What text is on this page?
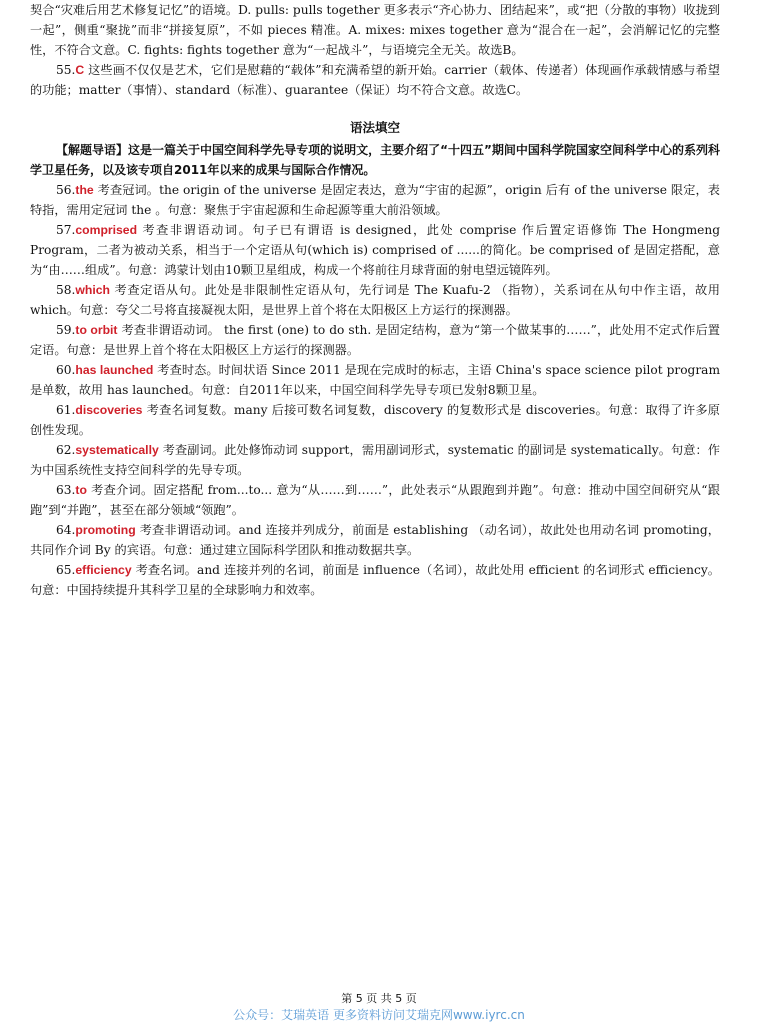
契合“灾难后用艺术修复记忆”的语境。D. pulls: pulls together 更多表示“齐心协力、团结起来”，或“把（分散的事物）收拢到一起”，侧重“聚拢”而非“拼接复原”，不如 pieces 精准。A. mixes: mixes together 意为“混合在一起”，会消解记忆的完整性，不符合文意。C. fights: fights together 意为“一起战斗”，与语境完全无关。故选B。

55.C 这些画不仅仅是艺术，它们是慰藉的“载体”和充满希望的新开始。carrier（载体、传递者）体现画作承载情感与希望的功能；matter（事情）、standard（标准）、guarantee（保证）均不符合文意。故选C。

语法填空

【解题导语】这是一篇关于中国空间科学先导专项的说明文，主要介绍了“十四五”期间中国科学院国家空间科学中心的系列科学卫星任务，以及该专项自2011年以来的成果与国际合作情况。

56.the 考查冠词。the origin of the universe 是固定表达，意为“宇宙的起源”，origin 后有 of the universe 限定，表特指，需用定冠词 the 。句意：聚焦于宇宙起源和生命起源等重大前沿领域。

57.comprised 考查非谓语动词。句子已有谓语 is designed，此处 comprise 作后置定语修饰 The Hongmeng Program，二者为被动关系，相当于一个定语从句(which is) comprised of ......的简化。be comprised of 是固定搭配，意为“由……组成”。句意：鸿蒙计划由10颗卫星组成，构成一个将前往月球背面的射电望远镜阵列。

58.which 考查定语从句。此处是非限制性定语从句，先行词是 The Kuafu-2 （指物），关系词在从句中作主语，故用 which。句意：夸父二号将直接凝视太阳，是世界上首个将在太阳极区上方运行的探测器。

59.to orbit 考查非谓语动词。 the first (one) to do sth. 是固定结构，意为“第一个做某事的……”，此处用不定式作后置定语。句意：是世界上首个将在太阳极区上方运行的探测器。

60.has launched 考查时态。时间状语 Since 2011 是现在完成时的标志，主语 China's space science pilot program 是单数，故用 has launched。句意：自2011年以来，中国空间科学先导专项已发射8颗卫星。

61.discoveries 考查名词复数。many 后接可数名词复数，discovery 的复数形式是 discoveries。句意：取得了许多原创性发现。

62.systematically 考查副词。此处修饰动词 support，需用副词形式，systematic 的副词是 systematically。句意：作为中国系统性支持空间科学的先导专项。

63.to 考查介词。固定搭配 from...to... 意为“从……到……”，此处表示“从跟跑到并跑”。句意：推动中国空间研究从“跟跑”到“并跑”，甚至在部分领域“领跑”。

64.promoting 考查非谓语动词。and 连接并列成分，前面是 establishing （动名词），故此处也用动名词 promoting，共同作介词 By 的宾语。句意：通过建立国际科学团队和推动数据共享。

65.efficiency 考查名词。and 连接并列的名词，前面是 influence（名词），故此处用 efficient 的名词形式 efficiency。句意：中国持续提升其科学卫星的全球影响力和效率。

第 5 页 共 5 页
公众号：艾瑞英语 更多资料访问艾瑞克网www.iyrc.cn
